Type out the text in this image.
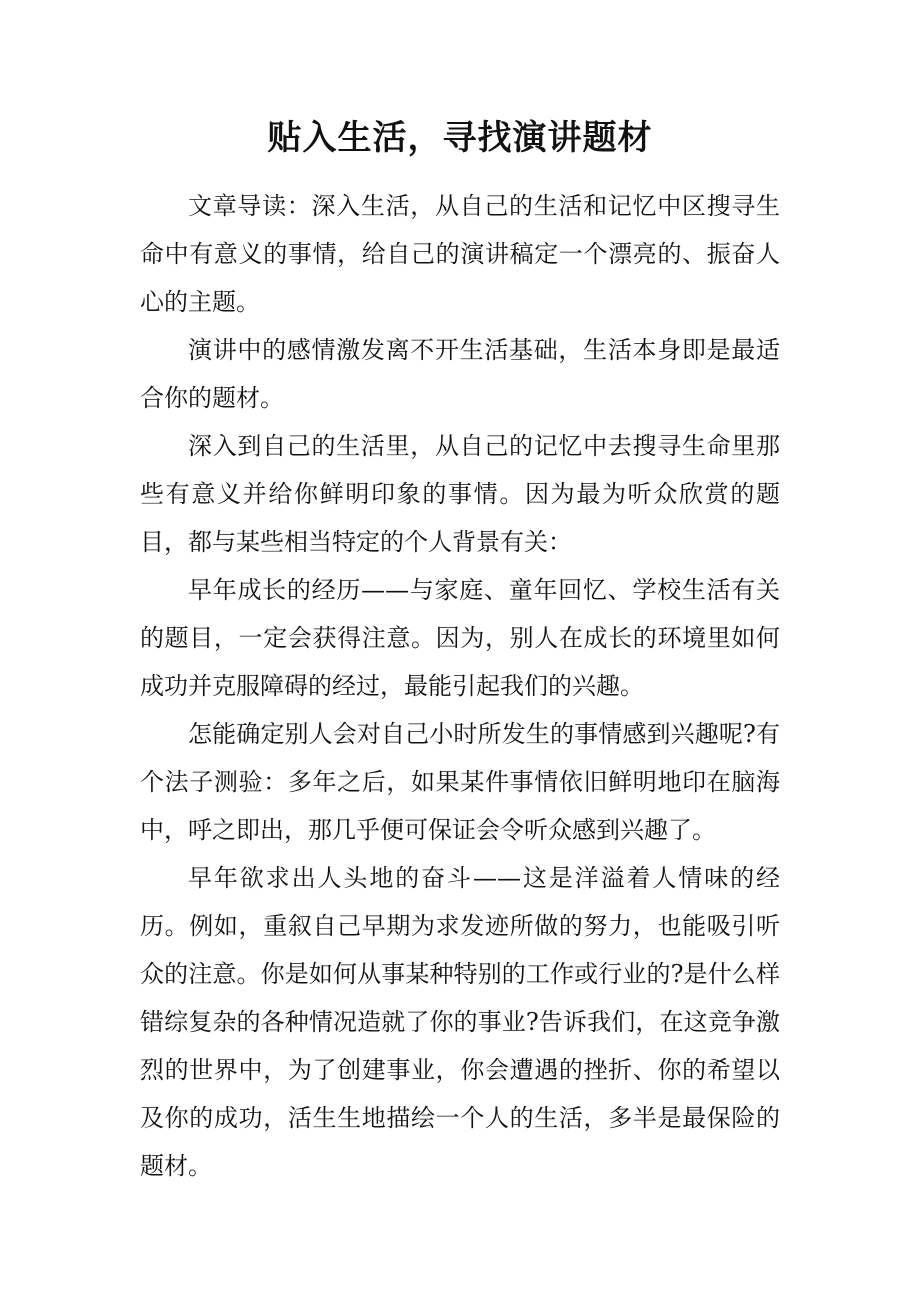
贴入生活，寻找演讲题材

文章导读：深入生活，从自己的生活和记忆中区搜寻生命中有意义的事情，给自己的演讲稿定一个漂亮的、振奋人心的主题。

演讲中的感情激发离不开生活基础，生活本身即是最适合你的题材。

深入到自己的生活里，从自己的记忆中去搜寻生命里那些有意义并给你鲜明印象的事情。因为最为听众欣赏的题目，都与某些相当特定的个人背景有关：

早年成长的经历——与家庭、童年回忆、学校生活有关的题目，一定会获得注意。因为，别人在成长的环境里如何成功并克服障碍的经过，最能引起我们的兴趣。

怎能确定别人会对自己小时所发生的事情感到兴趣呢?有个法子测验：多年之后，如果某件事情依旧鲜明地印在脑海中，呼之即出，那几乎便可保证会令听众感到兴趣了。

早年欲求出人头地的奋斗——这是洋溢着人情味的经历。例如，重叙自己早期为求发迹所做的努力，也能吸引听众的注意。你是如何从事某种特别的工作或行业的?是什么样错综复杂的各种情况造就了你的事业?告诉我们，在这竞争激烈的世界中，为了创建事业，你会遭遇的挫折、你的希望以及你的成功，活生生地描绘一个人的生活，多半是最保险的题材。
